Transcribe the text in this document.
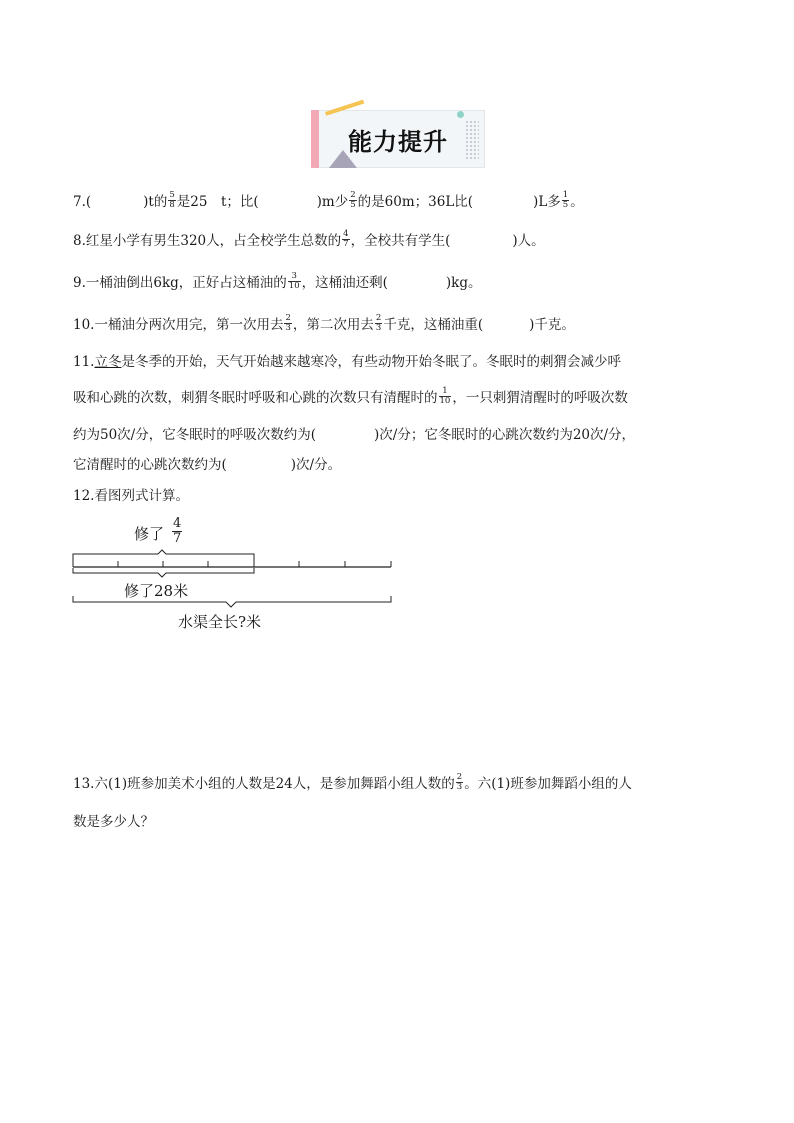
能力提升
7.(	)t的 $\frac{5}{8}$ 是25　t；比(	)m少 $\frac{2}{5}$ 的是60m；36L比(	)L多 $\frac{1}{5}$ 。
8.红星小学有男生320人，占全校学生总数的 $\frac{4}{7}$ ，全校共有学生(	)人。
9.一桶油倒出6kg，正好占这桶油的 $\frac{3}{10}$ ，这桶油还剩(	)kg。
10.一桶油分两次用完，第一次用去 $\frac{2}{3}$ ，第二次用去 $\frac{2}{3}$ 千克，这桶油重(	)千克。
11.立冬是冬季的开始，天气开始越来越寒冷，有些动物开始冬眠了。冬眠时的刺猬会减少呼
吸和心跳的次数，刺猬冬眠时呼吸和心跳的次数只有清醒时的 $\frac{1}{10}$ ，一只刺猬清醒时的呼吸次数
约为50次/分，它冬眠时的呼吸次数约为(	)次/分；它冬眠时的心跳次数约为20次/分，
它清醒时的心跳次数约为(	)次/分。
12.看图列式计算。
修了 $\frac{4}{7}$
修了28米
水渠全长?米
13.六(1)班参加美术小组的人数是24人，是参加舞蹈小组人数的 $\frac{2}{3}$ 。六(1)班参加舞蹈小组的人
数是多少人？
